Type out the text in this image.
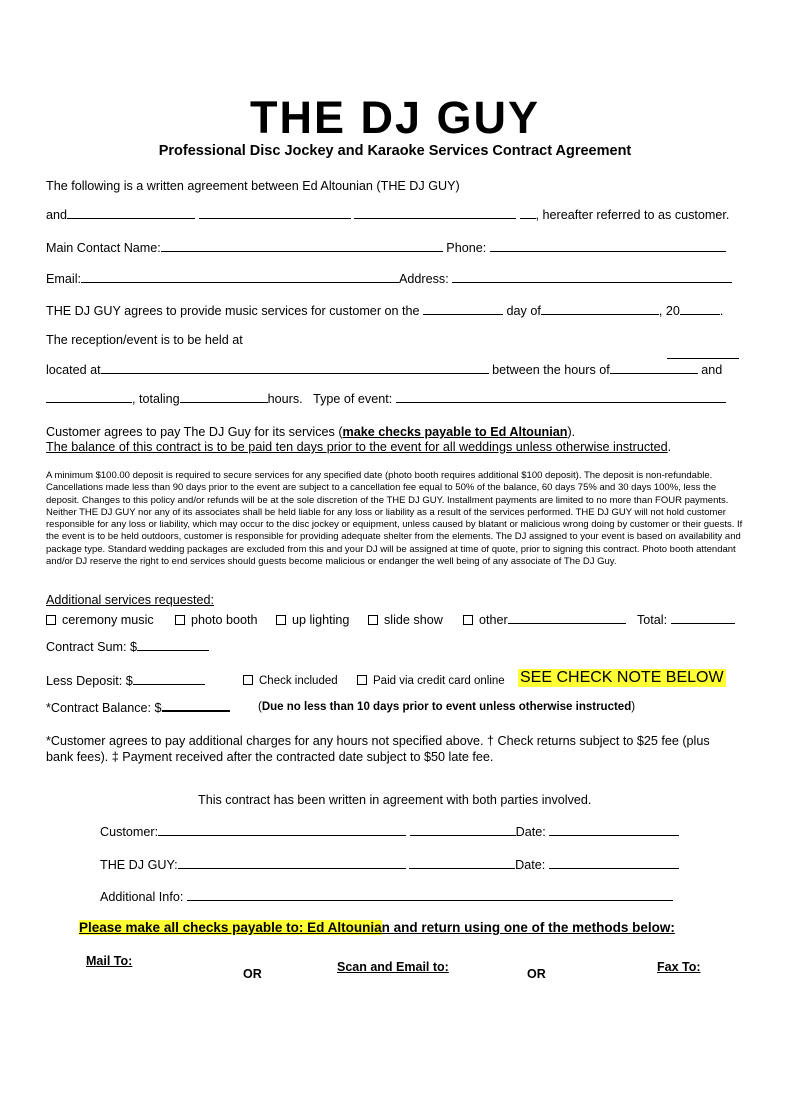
THE DJ GUY
Professional Disc Jockey and Karaoke Services Contract Agreement
The following is a written agreement between Ed Altounian (THE DJ GUY)
and	, hereafter referred to as customer.
Main Contact Name:	Phone:
Email:	Address:
THE DJ GUY agrees to provide music services for customer on the	day of	, 20	.
The reception/event is to be held at
located at	between the hours of	and
, totaling	hours. Type of event:
Customer agrees to pay The DJ Guy for its services (make checks payable to Ed Altounian).
The balance of this contract is to be paid ten days prior to the event for all weddings unless otherwise instructed.
A minimum $100.00 deposit is required to secure services for any specified date (photo booth requires additional $100 deposit). The deposit is non-refundable. Cancellations made less than 90 days prior to the event are subject to a cancellation fee equal to 50% of the balance, 60 days 75% and 30 days 100%, less the deposit. Changes to this policy and/or refunds will be at the sole discretion of the THE DJ GUY. Installment payments are limited to no more than FOUR payments. Neither THE DJ GUY nor any of its associates shall be held liable for any loss or liability as a result of the services performed. THE DJ GUY will not hold customer responsible for any loss or liability, which may occur to the disc jockey or equipment, unless caused by blatant or malicious wrong doing by customer or their guests. If the event is to be held outdoors, customer is responsible for providing adequate shelter from the elements. The DJ assigned to your event is based on availability and package type. Standard wedding packages are excluded from this and your DJ will be assigned at time of quote, prior to signing this contract. Photo booth attendant and/or DJ reserve the right to end services should guests become malicious or endanger the well being of any associate of The DJ Guy.
Additional services requested:
ceremony music	photo booth	up lighting	slide show	other	Total:
Contract Sum: $
Less Deposit: $	Check included	Paid via credit card online SEE CHECK NOTE BELOW
*Contract Balance: $	(Due no less than 10 days prior to event unless otherwise instructed)
*Customer agrees to pay additional charges for any hours not specified above. † Check returns subject to $25 fee (plus bank fees). ‡ Payment received after the contracted date subject to $50 late fee.
This contract has been written in agreement with both parties involved.
Customer:	Date:
THE DJ GUY:	Date:
Additional Info:
Please make all checks payable to: Ed Altounian and return using one of the methods below:
Mail To:
OR	Scan and Email to:	OR	Fax To:
